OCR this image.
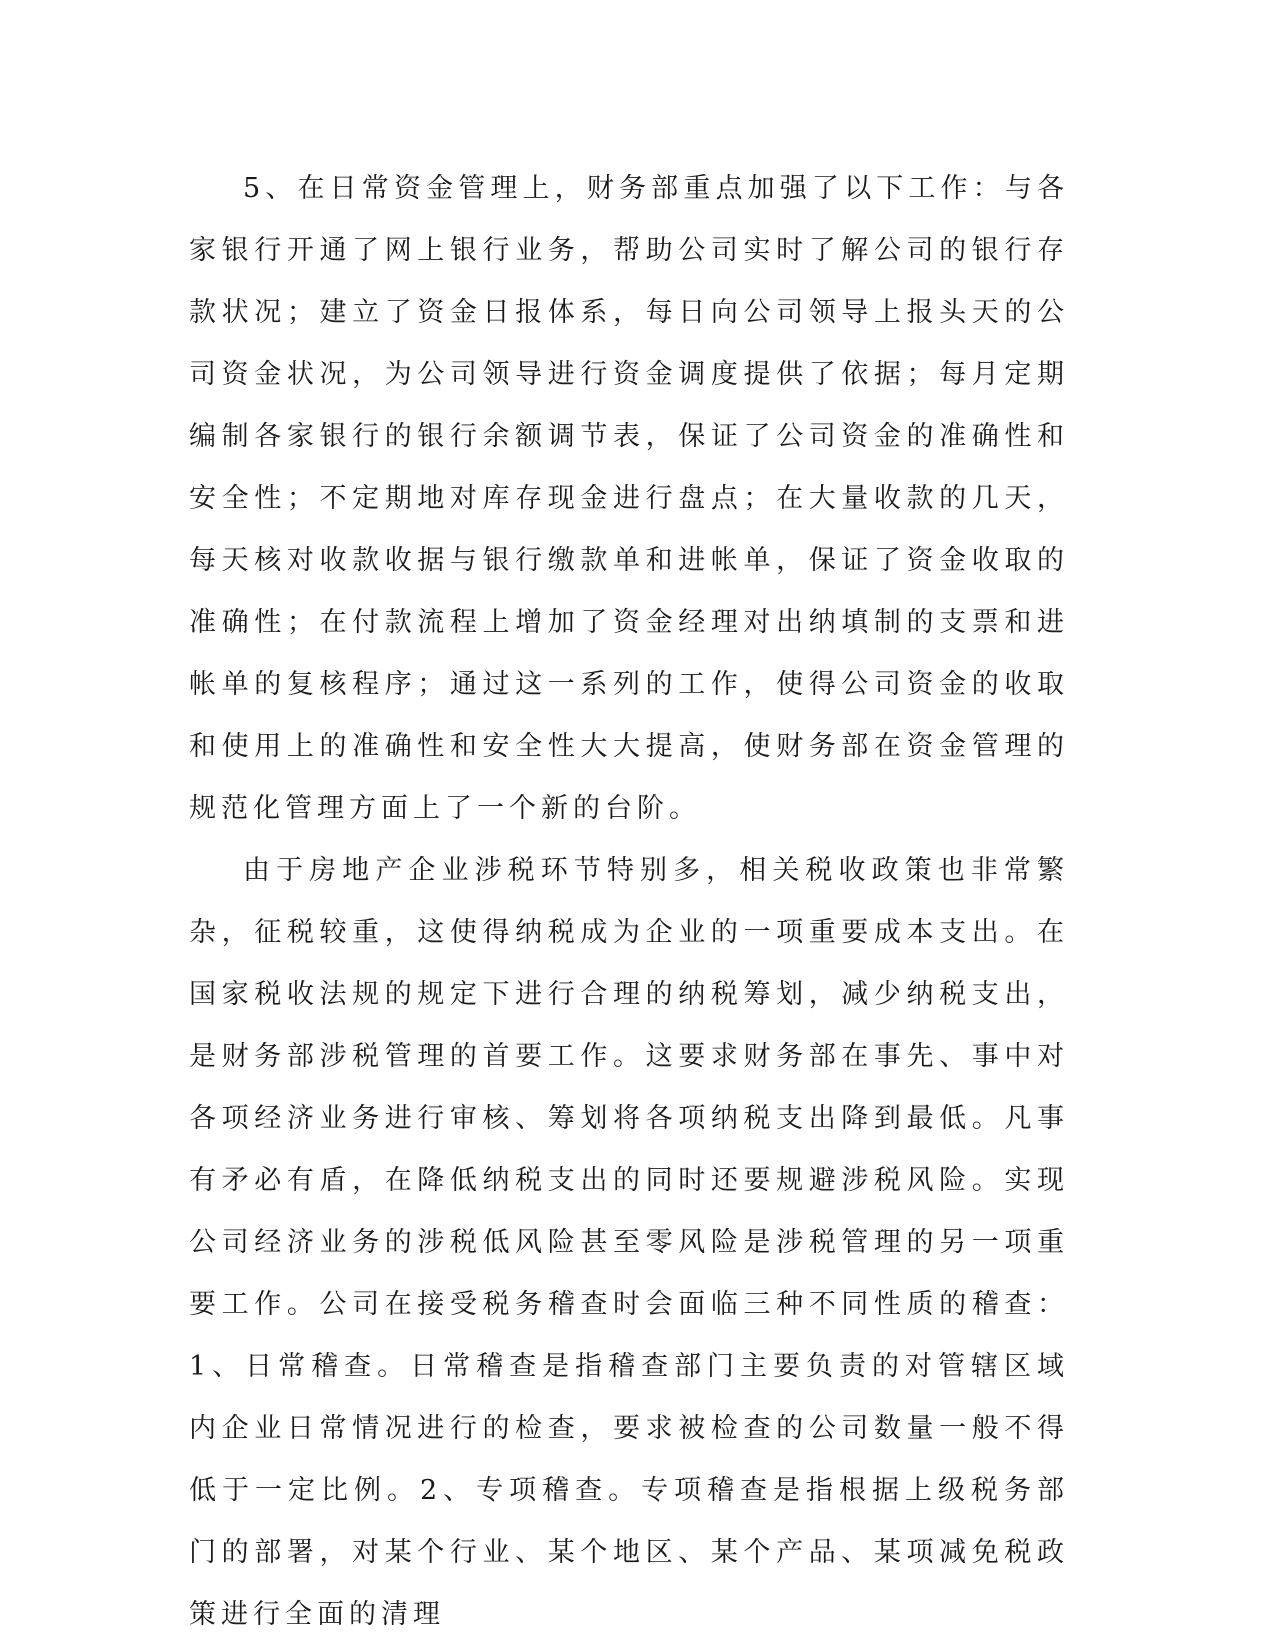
5、在日常资金管理上，财务部重点加强了以下工作：与各家银行开通了网上银行业务，帮助公司实时了解公司的银行存款状况；建立了资金日报体系，每日向公司领导上报头天的公司资金状况，为公司领导进行资金调度提供了依据；每月定期编制各家银行的银行余额调节表，保证了公司资金的准确性和安全性；不定期地对库存现金进行盘点；在大量收款的几天，每天核对收款收据与银行缴款单和进帐单，保证了资金收取的准确性；在付款流程上增加了资金经理对出纳填制的支票和进帐单的复核程序；通过这一系列的工作，使得公司资金的收取和使用上的准确性和安全性大大提高，使财务部在资金管理的规范化管理方面上了一个新的台阶。

由于房地产企业涉税环节特别多，相关税收政策也非常繁杂，征税较重，这使得纳税成为企业的一项重要成本支出。在国家税收法规的规定下进行合理的纳税筹划，减少纳税支出，是财务部涉税管理的首要工作。这要求财务部在事先、事中对各项经济业务进行审核、筹划将各项纳税支出降到最低。凡事有矛必有盾，在降低纳税支出的同时还要规避涉税风险。实现公司经济业务的涉税低风险甚至零风险是涉税管理的另一项重要工作。公司在接受税务稽查时会面临三种不同性质的稽查：1、日常稽查。日常稽查是指稽查部门主要负责的对管辖区域内企业日常情况进行的检查，要求被检查的公司数量一般不得低于一定比例。2、专项稽查。专项稽查是指根据上级税务部门的部署，对某个行业、某个地区、某个产品、某项减免税政策进行全面的清理
